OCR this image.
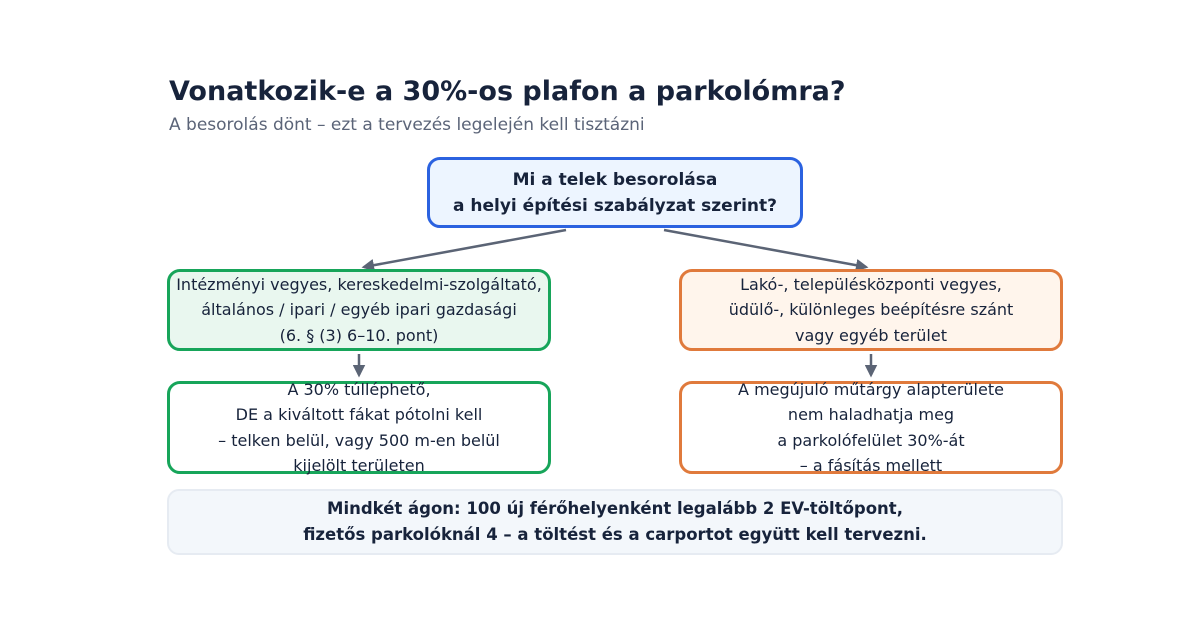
Vonatkozik-e a 30%-os plafon a parkolómra?
A besorolás dönt – ezt a tervezés legelején kell tisztázni
Mi a telek besorolása
a helyi építési szabályzat szerint?
Intézményi vegyes, kereskedelmi-szolgáltató,
általános / ipari / egyéb ipari gazdasági
(6. § (3) 6–10. pont)
Lakó-, településközponti vegyes,
üdülő-, különleges beépítésre szánt
vagy egyéb terület
A 30% túlléphető,
DE a kiváltott fákat pótolni kell
– telken belül, vagy 500 m-en belül
kijelölt területen
A megújuló műtárgy alapterülete
nem haladhatja meg
a parkolófelület 30%-át
– a fásítás mellett
Mindkét ágon: 100 új férőhelyenként legalább 2 EV-töltőpont,
fizetős parkolóknál 4 – a töltést és a carportot együtt kell tervezni.
